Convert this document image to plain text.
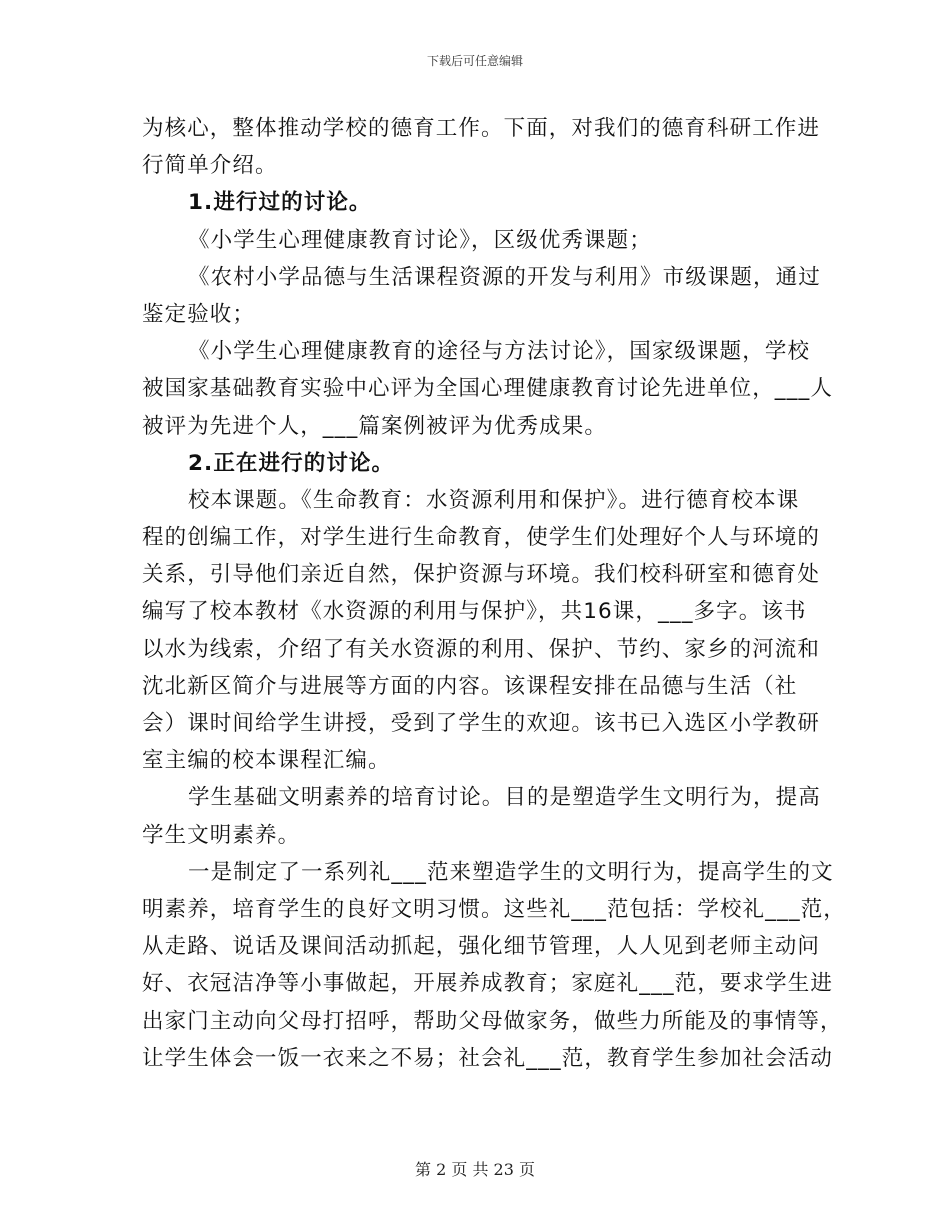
下载后可任意编辑
为核心，整体推动学校的德育工作。下面，对我们的德育科研工作进
行简单介绍。
1.进行过的讨论。
《小学生心理健康教育讨论》，区级优秀课题；
《农村小学品德与生活课程资源的开发与利用》市级课题，通过
鉴定验收；
《小学生心理健康教育的途径与方法讨论》，国家级课题，学校
被国家基础教育实验中心评为全国心理健康教育讨论先进单位，___人
被评为先进个人，___篇案例被评为优秀成果。
2.正在进行的讨论。
校本课题。《生命教育：水资源利用和保护》。进行德育校本课
程的创编工作，对学生进行生命教育，使学生们处理好个人与环境的
关系，引导他们亲近自然，保护资源与环境。我们校科研室和德育处
编写了校本教材《水资源的利用与保护》，共16课，___多字。该书
以水为线索，介绍了有关水资源的利用、保护、节约、家乡的河流和
沈北新区简介与进展等方面的内容。该课程安排在品德与生活（社
会）课时间给学生讲授，受到了学生的欢迎。该书已入选区小学教研
室主编的校本课程汇编。
学生基础文明素养的培育讨论。目的是塑造学生文明行为，提高
学生文明素养。
一是制定了一系列礼___范来塑造学生的文明行为，提高学生的文
明素养，培育学生的良好文明习惯。这些礼___范包括：学校礼___范，
从走路、说话及课间活动抓起，强化细节管理，人人见到老师主动问
好、衣冠洁净等小事做起，开展养成教育；家庭礼___范，要求学生进
出家门主动向父母打招呼，帮助父母做家务，做些力所能及的事情等，
让学生体会一饭一衣来之不易；社会礼___范，教育学生参加社会活动
第 2 页 共 23 页
